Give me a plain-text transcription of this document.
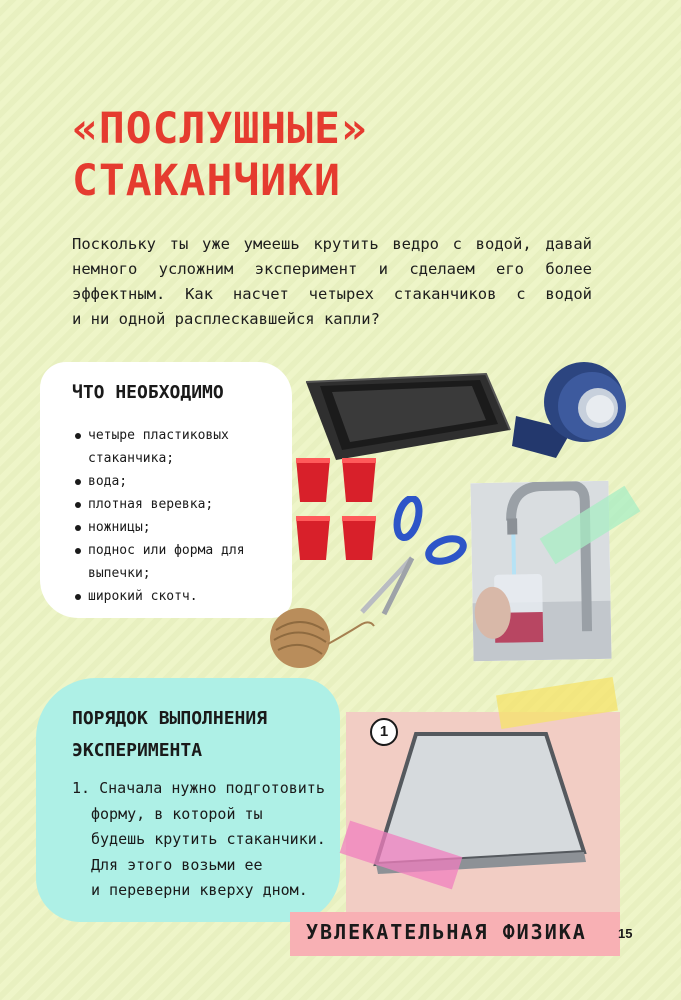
«ПОСЛУШНЫЕ»
СТАКАНЧИКИ
Поскольку ты уже умеешь крутить ведро с водой, давай
немного усложним эксперимент и сделаем его более
эффектным. Как насчет четырех стаканчиков с водой
и ни одной расплескавшейся капли?
ЧТО НЕОБХОДИМО
четыре пластиковых стаканчика;
вода;
плотная веревка;
ножницы;
поднос или форма для выпечки;
широкий скотч.
ПОРЯДОК ВЫПОЛНЕНИЯ
ЭКСПЕРИМЕНТА
1. Сначала нужно подготовить
форму, в которой ты
будешь крутить стаканчики.
Для этого возьми ее
и переверни кверху дном.
1
УВЛЕКАТЕЛЬНАЯ ФИЗИКА 15
